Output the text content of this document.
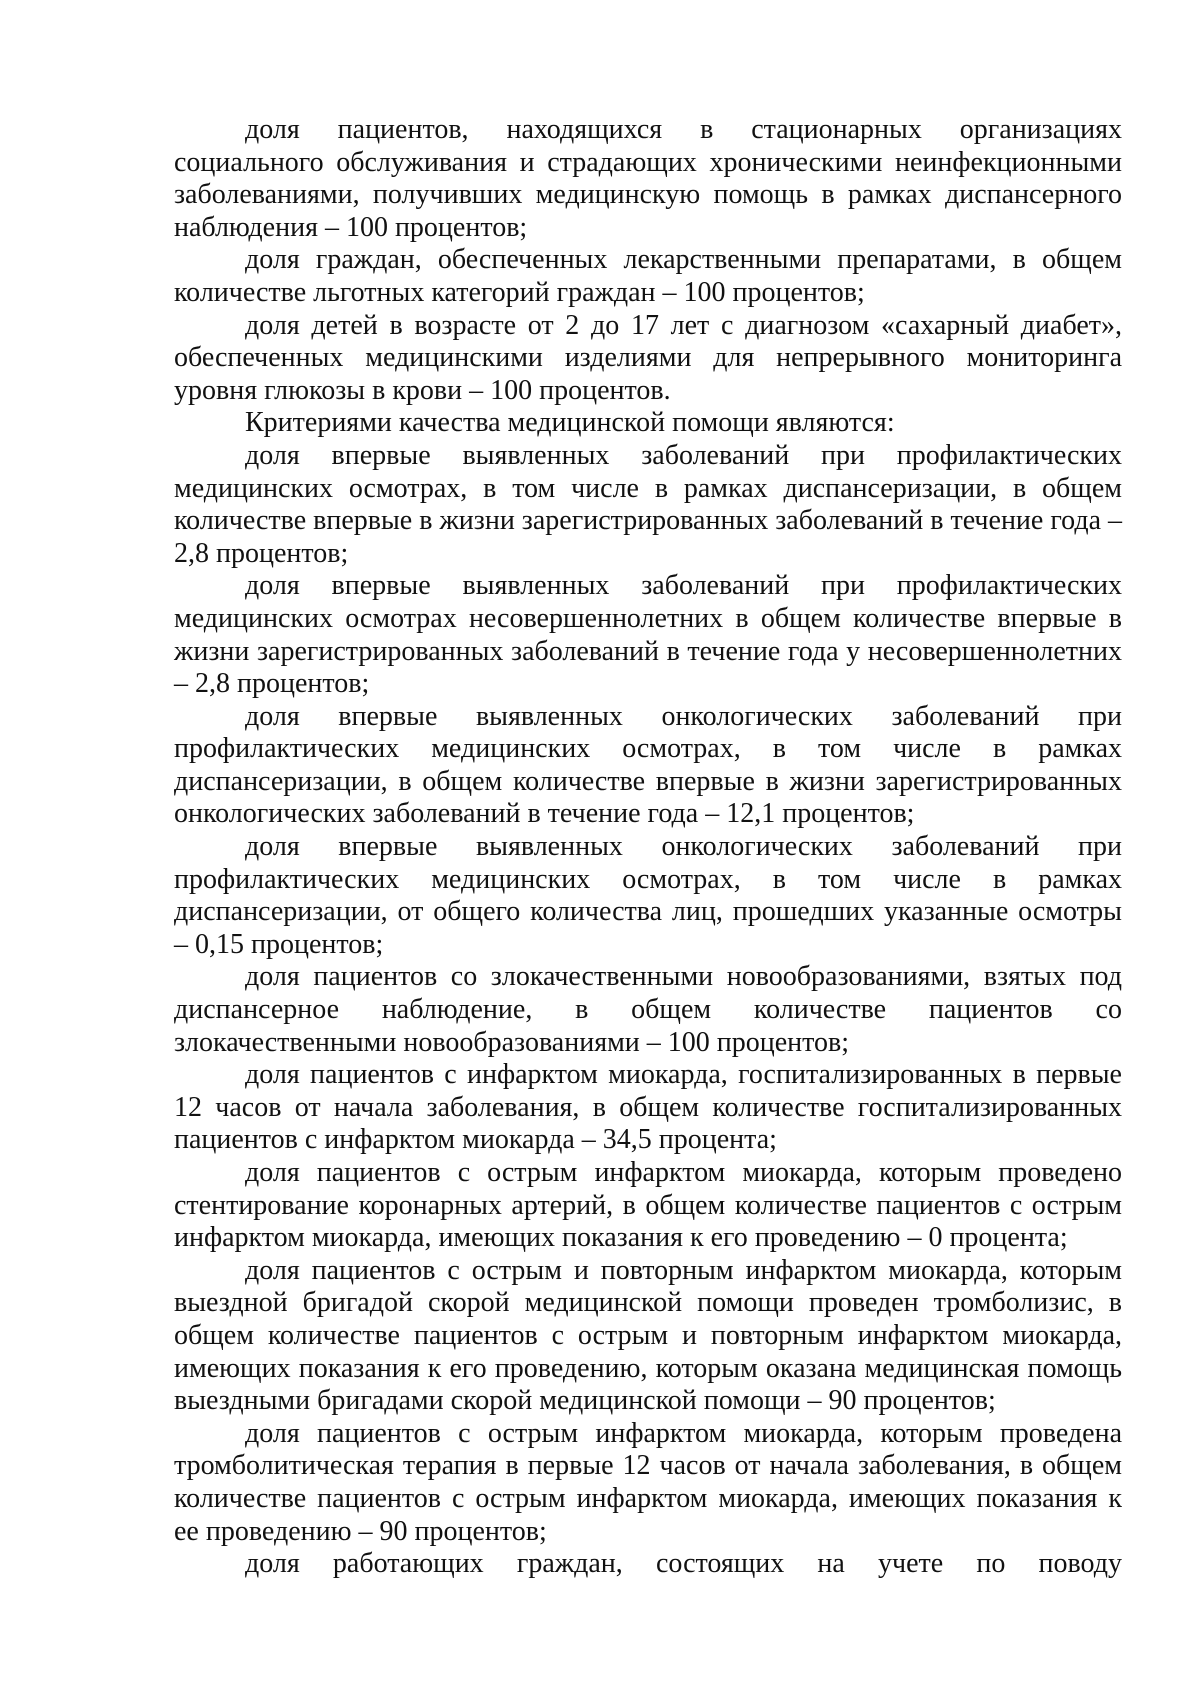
доля пациентов, находящихся в стационарных организациях социального обслуживания и страдающих хроническими неинфекционными заболеваниями, получивших медицинскую помощь в рамках диспансерного наблюдения – 100 процентов;

доля граждан, обеспеченных лекарственными препаратами, в общем количестве льготных категорий граждан – 100 процентов;

доля детей в возрасте от 2 до 17 лет с диагнозом «сахарный диабет», обеспеченных медицинскими изделиями для непрерывного мониторинга уровня глюкозы в крови – 100 процентов.

Критериями качества медицинской помощи являются:

доля впервые выявленных заболеваний при профилактических медицинских осмотрах, в том числе в рамках диспансеризации, в общем количестве впервые в жизни зарегистрированных заболеваний в течение года – 2,8 процентов;

доля впервые выявленных заболеваний при профилактических медицинских осмотрах несовершеннолетних в общем количестве впервые в жизни зарегистрированных заболеваний в течение года у несовершеннолетних – 2,8 процентов;

доля впервые выявленных онкологических заболеваний при профилактических медицинских осмотрах, в том числе в рамках диспансеризации, в общем количестве впервые в жизни зарегистрированных онкологических заболеваний в течение года – 12,1 процентов;

доля впервые выявленных онкологических заболеваний при профилактических медицинских осмотрах, в том числе в рамках диспансеризации, от общего количества лиц, прошедших указанные осмотры – 0,15 процентов;

доля пациентов со злокачественными новообразованиями, взятых под диспансерное наблюдение, в общем количестве пациентов со злокачественными новообразованиями – 100 процентов;

доля пациентов с инфарктом миокарда, госпитализированных в первые 12 часов от начала заболевания, в общем количестве госпитализированных пациентов с инфарктом миокарда – 34,5 процента;

доля пациентов с острым инфарктом миокарда, которым проведено стентирование коронарных артерий, в общем количестве пациентов с острым инфарктом миокарда, имеющих показания к его проведению – 0 процента;

доля пациентов с острым и повторным инфарктом миокарда, которым выездной бригадой скорой медицинской помощи проведен тромболизис, в общем количестве пациентов с острым и повторным инфарктом миокарда, имеющих показания к его проведению, которым оказана медицинская помощь выездными бригадами скорой медицинской помощи – 90 процентов;

доля пациентов с острым инфарктом миокарда, которым проведена тромболитическая терапия в первые 12 часов от начала заболевания, в общем количестве пациентов с острым инфарктом миокарда, имеющих показания к ее проведению – 90 процентов;

доля работающих граждан, состоящих на учете по поводу
